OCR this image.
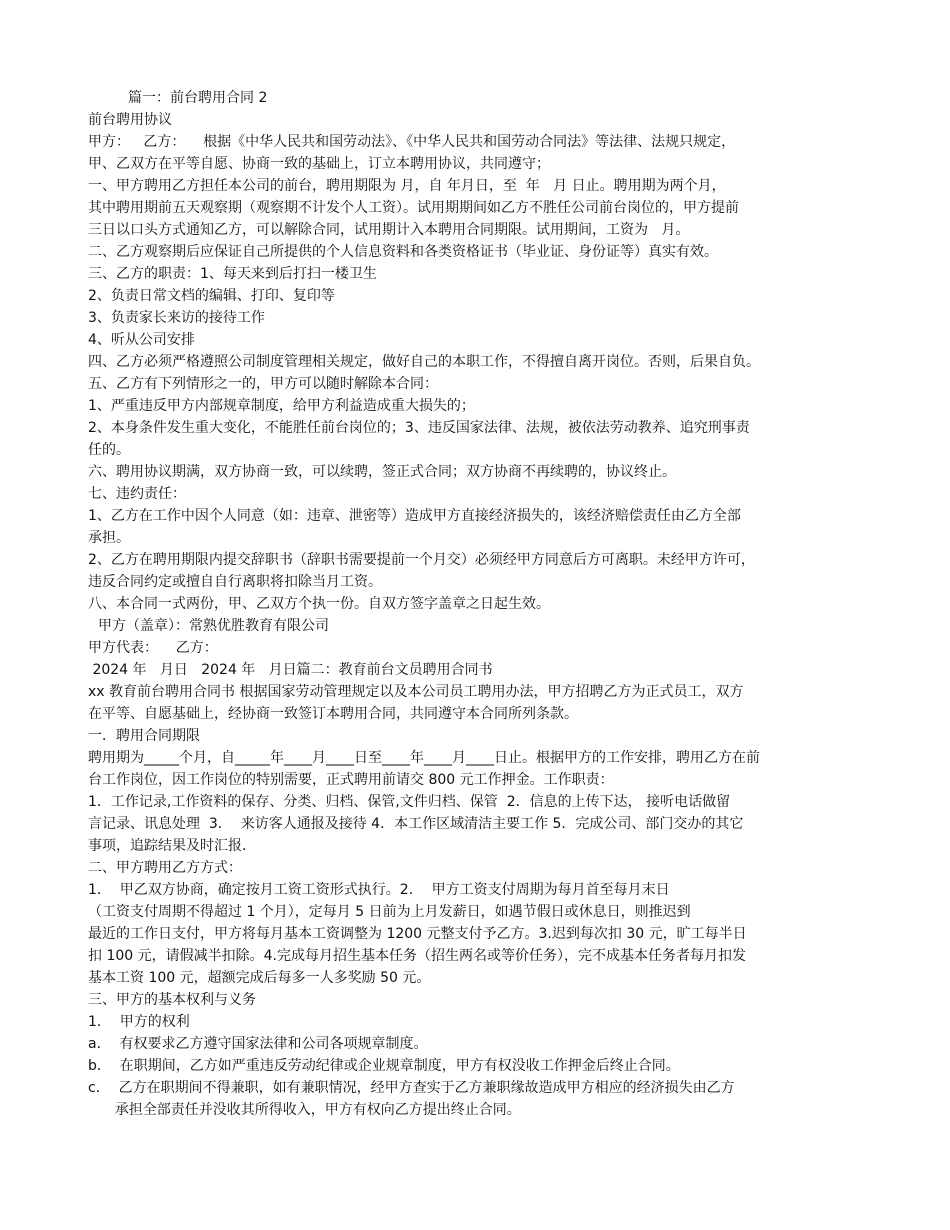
篇一：前台聘用合同 2
前台聘用协议
甲方：   乙方：    根据《中华人民共和国劳动法》、《中华人民共和国劳动合同法》等法律、法规只规定，
甲、乙双方在平等自愿、协商一致的基础上，订立本聘用协议，共同遵守；
一、甲方聘用乙方担任本公司的前台，聘用期限为 月，自 年月日，至  年   月 日止。聘用期为两个月，
其中聘用期前五天观察期（观察期不计发个人工资）。试用期期间如乙方不胜任公司前台岗位的，甲方提前
三日以口头方式通知乙方，可以解除合同，试用期计入本聘用合同期限。试用期间，工资为   月。
二、乙方观察期后应保证自己所提供的个人信息资料和各类资格证书（毕业证、身份证等）真实有效。
三、乙方的职责：1、每天来到后打扫一楼卫生
2、负责日常文档的编辑、打印、复印等
3、负责家长来访的接待工作
4、听从公司安排
四、乙方必须严格遵照公司制度管理相关规定，做好自己的本职工作，不得擅自离开岗位。否则，后果自负。
五、乙方有下列情形之一的，甲方可以随时解除本合同：
1、严重违反甲方内部规章制度，给甲方利益造成重大损失的；
2、本身条件发生重大变化，不能胜任前台岗位的；3、违反国家法律、法规，被依法劳动教养、追究刑事责
任的。
六、聘用协议期满，双方协商一致，可以续聘，签正式合同；双方协商不再续聘的，协议终止。
七、违约责任：
1、乙方在工作中因个人同意（如：违章、泄密等）造成甲方直接经济损失的，该经济赔偿责任由乙方全部
承担。
2、乙方在聘用期限内提交辞职书（辞职书需要提前一个月交）必须经甲方同意后方可离职。未经甲方许可，
违反合同约定或擅自自行离职将扣除当月工资。
八、本合同一式两份，甲、乙双方个执一份。自双方签字盖章之日起生效。
甲方（盖章）：常熟优胜教育有限公司
甲方代表：    乙方：
2024 年   月日   2024 年   月日篇二：教育前台文员聘用合同书
xx 教育前台聘用合同书 根据国家劳动管理规定以及本公司员工聘用办法，甲方招聘乙方为正式员工，双方
在平等、自愿基础上，经协商一致签订本聘用合同，共同遵守本合同所列条款。
一．聘用合同期限
聘用期为_____个月，自_____年____月____日至____年____月____日止。根据甲方的工作安排，聘用乙方在前
台工作岗位，因工作岗位的特别需要，正式聘用前请交 800 元工作押金。工作职责：
1．工作记录,工作资料的保存、分类、归档、保管,文件归档、保管  2．信息的上传下达， 接听电话做留
言记录、讯息处理  3．  来访客人通报及接待 4．本工作区域清洁主要工作 5．完成公司、部门交办的其它
事项，追踪结果及时汇报．
二、甲方聘用乙方方式：
1．  甲乙双方协商，确定按月工资工资形式执行。2．  甲方工资支付周期为每月首至每月末日
（工资支付周期不得超过 1 个月），定每月 5 日前为上月发薪日，如遇节假日或休息日，则推迟到
最近的工作日支付，甲方将每月基本工资调整为 1200 元整支付予乙方。3.迟到每次扣 30 元，旷工每半日
扣 100 元，请假减半扣除。4.完成每月招生基本任务（招生两名或等价任务），完不成基本任务者每月扣发
基本工资 100 元，超额完成后每多一人多奖励 50 元。
三、甲方的基本权利与义务
1．  甲方的权利
a．  有权要求乙方遵守国家法律和公司各项规章制度。
b．  在职期间，乙方如严重违反劳动纪律或企业规章制度，甲方有权没收工作押金后终止合同。
c．  乙方在职期间不得兼职，如有兼职情况，经甲方查实于乙方兼职缘故造成甲方相应的经济损失由乙方
承担全部责任并没收其所得收入，甲方有权向乙方提出终止合同。
